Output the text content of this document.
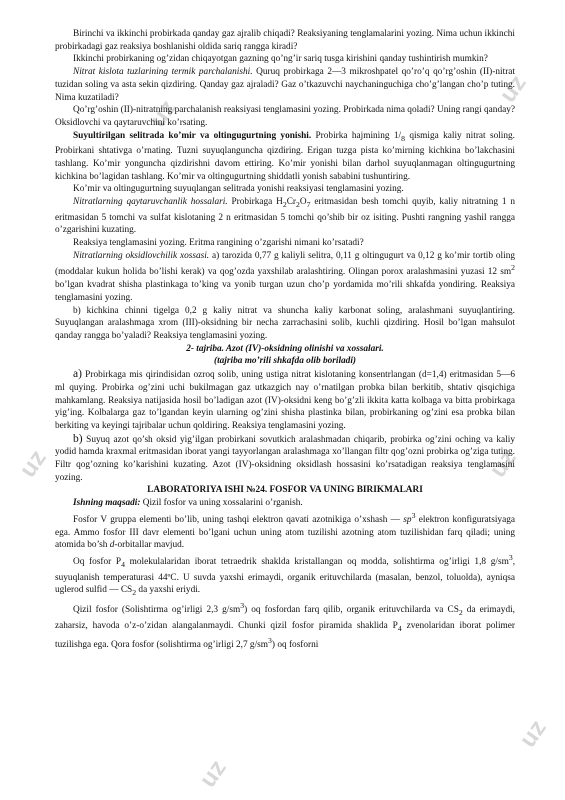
uz
uz
uz	uz
uz
uz

Birinchi va ikkinchi probirkada qanday gaz ajralib chiqadi? Reaksiyaning tenglamalarini yozing. Nima uchun ikkinchi probirkadagi gaz reaksiya boshlanishi oldida sariq rangga kiradi?

Ikkinchi probirkaning og’zidan chiqayotgan gazning qo’ng’ir sariq tusga kirishini qanday tushintirish mumkin?

Nitrat kislota tuzlarining termik parchalanishi. Quruq probirkaga 2—3 mikroshpatel qo’ro’q qo’rg’oshin (II)-nitrat tuzidan soling va asta sekin qizdiring. Qanday gaz ajraladi? Gaz o’tkazuvchi naychaninguchiga cho’g’langan cho’p tuting. Nima kuzatiladi?

Qo’rg’oshin (II)-nitratning parchalanish reaksiyasi tenglamasini yozing. Probirkada nima qoladi? Uning rangi qanday? Oksidlovchi va qaytaruvchini ko’rsating.

Suyultirilgan selitrada ko’mir va oltingugurtning yonishi. Probirka hajmining $1/_8$ qismiga kaliy nitrat soling. Probirkani shtativga o’rnating. Tuzni suyuqlanguncha qizdiring. Erigan tuzga pista ko’mirning kichkina bo’lakchasini tashlang. Ko’mir yonguncha qizdirishni davom ettiring. Ko’mir yonishi bilan darhol suyuqlanmagan oltingugurtning kichkina bo’lagidan tashlang. Ko’mir va oltingugurtning shiddatli yonish sababini tushuntiring.

Ko’mir va oltingugurtning suyuqlangan selitrada yonishi reaksiyasi tenglamasini yozing.

Nitratlarning qaytaruvchanlik hossalari. Probirkaga $H_2Cr_2O_7$ eritmasidan besh tomchi quyib, kaliy nitratning 1 n eritmasidan 5 tomchi va sulfat kislotaning 2 n eritmasidan 5 tomchi qo’shib bir oz isiting. Pushti rangning yashil rangga o’zgarishini kuzating.

Reaksiya tenglamasini yozing. Eritma rangining o’zgarishi nimani ko’rsatadi?

Nitratlarning oksidlovchilik xossasi. a) tarozida 0,77 g kaliyli selitra, 0,11 g oltingugurt va 0,12 g ko’mir tortib oling (moddalar kukun holida bo’lishi kerak) va qog’ozda yaxshilab aralashtiring. Olingan porox aralashmasini yuzasi 12 $sm^2$ bo’lgan kvadrat shisha plastinkaga to’king va yonib turgan uzun cho’p yordamida mo’rili shkafda yondiring. Reaksiya tenglamasini yozing.

b) kichkina chinni tigelga 0,2 g kaliy nitrat va shuncha kaliy karbonat soling, aralashmani suyuqlantiring. Suyuqlangan aralashmaga xrom (III)-oksidning bir necha zarrachasini solib, kuchli qizdiring. Hosil bo’lgan mahsulot qanday rangga bo’yaladi? Reaksiya tenglamasini yozing.

2- tajriba. Azot (IV)-oksidning olinishi va xossalari.

(tajriba mo’rili shkafda olib boriladi)

a) Probirkaga mis qirindisidan ozroq solib, uning ustiga nitrat kislotaning konsentrlangan (d=1,4) eritmasidan 5—6 ml quying. Probirka og’zini uchi bukilmagan gaz utkazgich nay o’rnatilgan probka bilan berkitib, shtativ qisqichiga mahkamlang. Reaksiya natijasida hosil bo’ladigan azot (IV)-oksidni keng bo’g’zli ikkita katta kolbaga va bitta probirkaga yig’ing. Kolbalarga gaz to’lgandan keyin ularning og’zini shisha plastinka bilan, probirkaning og’zini esa probka bilan berkiting va keyingi tajribalar uchun qoldiring. Reaksiya tenglamasini yozing.

b) Suyuq azot qo’sh oksid yig’ilgan probirkani sovutkich aralashmadan chiqarib, probirka og’zini oching va kaliy yodid hamda kraxmal eritmasidan iborat yangi tayyorlangan aralashmaga xo’llangan filtr qog’ozni probirka og’ziga tuting. Filtr qog’ozning ko’karishini kuzating. Azot (IV)-oksidning oksidlash hossasini ko’rsatadigan reaksiya tenglamasini yozing.

LABORATORIYA ISHI №24. FOSFOR VA UNING BIRIKMALARI

Ishning maqsadi: Qizil fosfor va uning xossalarini o’rganish.

Fosfor V gruppa elementi bo’lib, uning tashqi elektron qavati azotnikiga o’xshash — $sp^3$ elektron konfiguratsiyaga ega. Ammo fosfor III davr elementi bo’lgani uchun uning atom tuzilishi azotning atom tuzilishidan farq qiladi; uning atomida bo’sh d-orbitallar mavjud.

Oq fosfor $P_4$ molekulalaridan iborat tetraedrik shaklda kristallangan oq modda, solishtirma og’irligi 1,8 $g/sm^3$, suyuqlanish temperaturasi 44ºC. U suvda yaxshi erimaydi, organik erituvchilarda (masalan, benzol, toluolda), ayniqsa uglerod sulfid — $CS_2$ da yaxshi eriydi.

Qizil fosfor (Solishtirma og’irligi 2,3 $g/sm^3$) oq fosfordan farq qilib, organik erituvchilarda va $CS_2$ da erimaydi, zaharsiz, havoda o’z-o’zidan alangalanmaydi. Chunki qizil fosfor piramida shaklida $P_4$ zvenolaridan iborat polimer tuzilishga ega. Qora fosfor (solishtirma og’irligi 2,7 $g/sm^3$) oq fosforni
